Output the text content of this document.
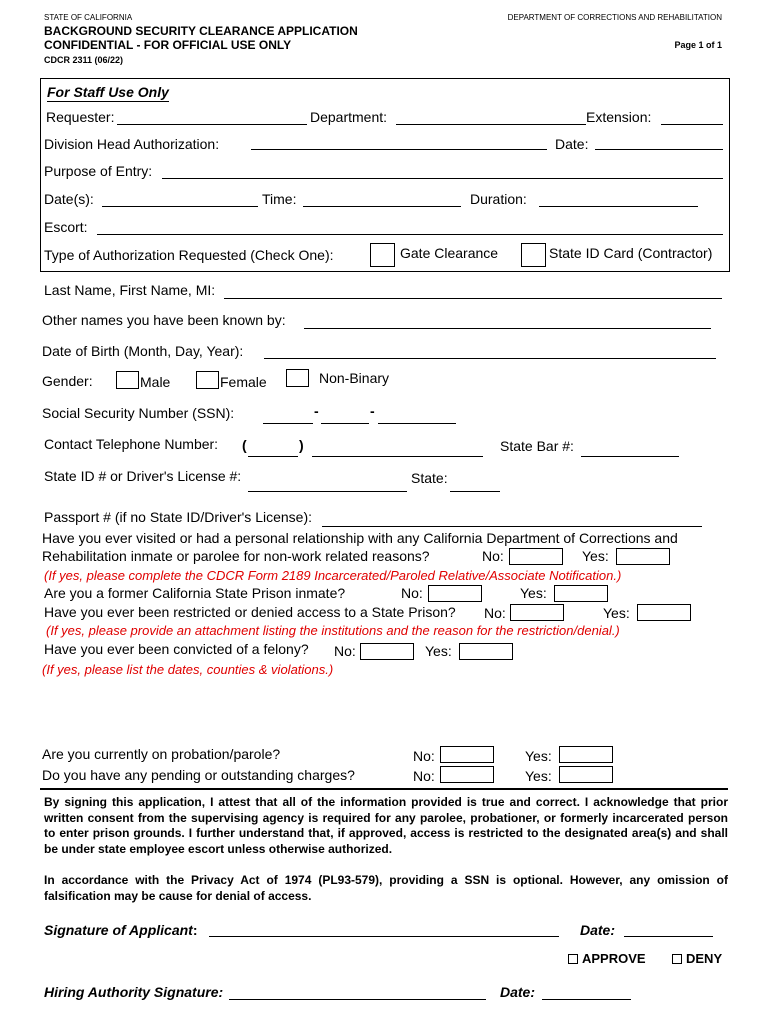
STATE OF CALIFORNIA	DEPARTMENT OF CORRECTIONS AND REHABILITATION
BACKGROUND SECURITY CLEARANCE APPLICATION
CONFIDENTIAL - FOR OFFICIAL USE ONLY	Page 1 of 1
CDCR 2311 (06/22)
For Staff Use Only
Requester:	Department:	Extension:
Division Head Authorization:	Date:
Purpose of Entry:
Date(s):	Time:	Duration:
Escort:
Type of Authorization Requested (Check One):	Gate Clearance	State ID Card (Contractor)
Last Name, First Name, MI:
Other names you have been known by:
Date of Birth (Month, Day, Year):
Gender:	Male	Female	Non-Binary
Social Security Number (SSN):	-	-
Contact Telephone Number: (	)	State Bar #:
State ID # or Driver's License #:	State:
Passport # (if no State ID/Driver's License):
Have you ever visited or had a personal relationship with any California Department of Corrections and
Rehabilitation inmate or parolee for non-work related reasons?	No:	Yes:
(If yes, please complete the CDCR Form 2189 Incarcerated/Paroled Relative/Associate Notification.)
Are you a former California State Prison inmate?	No:	Yes:
Have you ever been restricted or denied access to a State Prison? No:	Yes:
(If yes, please provide an attachment listing the institutions and the reason for the restriction/denial.)
Have you ever been convicted of a felony? No:	Yes:
(If yes, please list the dates, counties & violations.)
Are you currently on probation/parole?	No:	Yes:
Do you have any pending or outstanding charges?	No:	Yes:
By signing this application, I attest that all of the information provided is true and correct. I acknowledge that prior written consent from the supervising agency is required for any parolee, probationer, or formerly incarcerated person to enter prison grounds. I further understand that, if approved, access is restricted to the designated area(s) and shall be under state employee escort unless otherwise authorized.
In accordance with the Privacy Act of 1974 (PL93-579), providing a SSN is optional. However, any omission of falsification may be cause for denial of access.
Signature of Applicant:	Date:
APPROVE	DENY
Hiring Authority Signature:	Date:
